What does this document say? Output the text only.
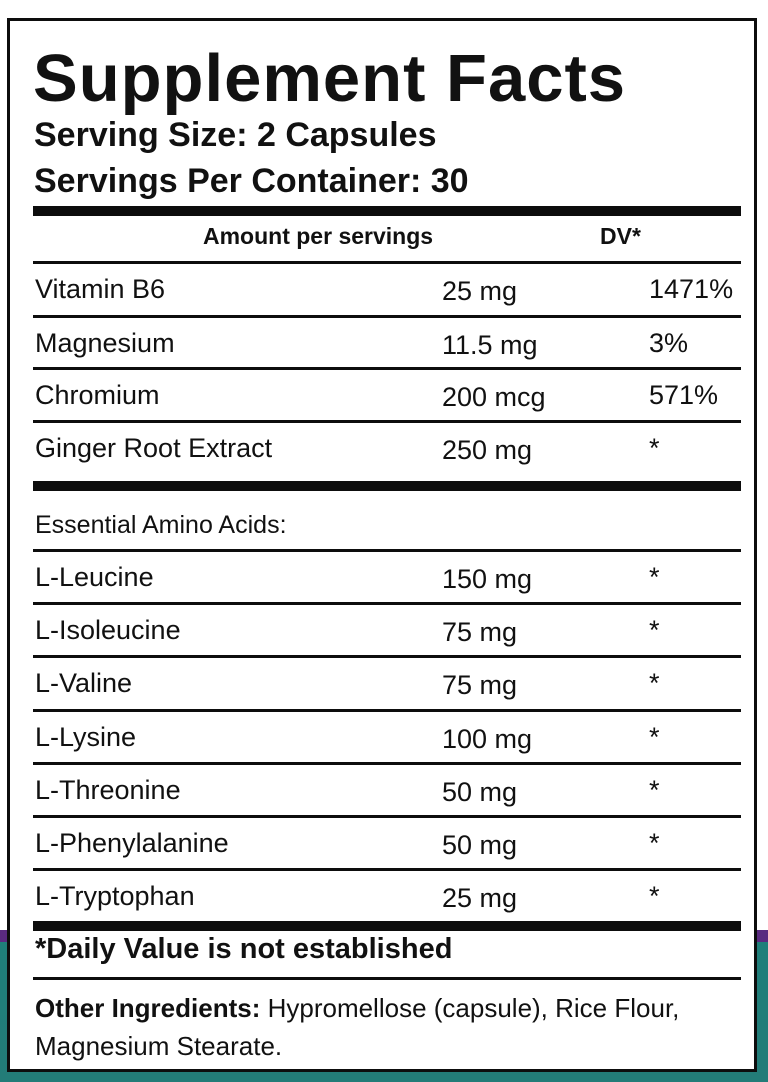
Supplement Facts
Serving Size: 2 Capsules
Servings Per Container: 30
Amount per servings	DV*
Vitamin B6	25 mg	1471%
Magnesium	11.5 mg	3%
Chromium	200 mcg	571%
Ginger Root Extract	250 mg	*
Essential Amino Acids:
L-Leucine	150 mg	*
L-Isoleucine	75 mg	*
L-Valine	75 mg	*
L-Lysine	100 mg	*
L-Threonine	50 mg	*
L-Phenylalanine	50 mg	*
L-Tryptophan	25 mg	*
*Daily Value is not established
Other Ingredients: Hypromellose (capsule), Rice Flour, Magnesium Stearate.
